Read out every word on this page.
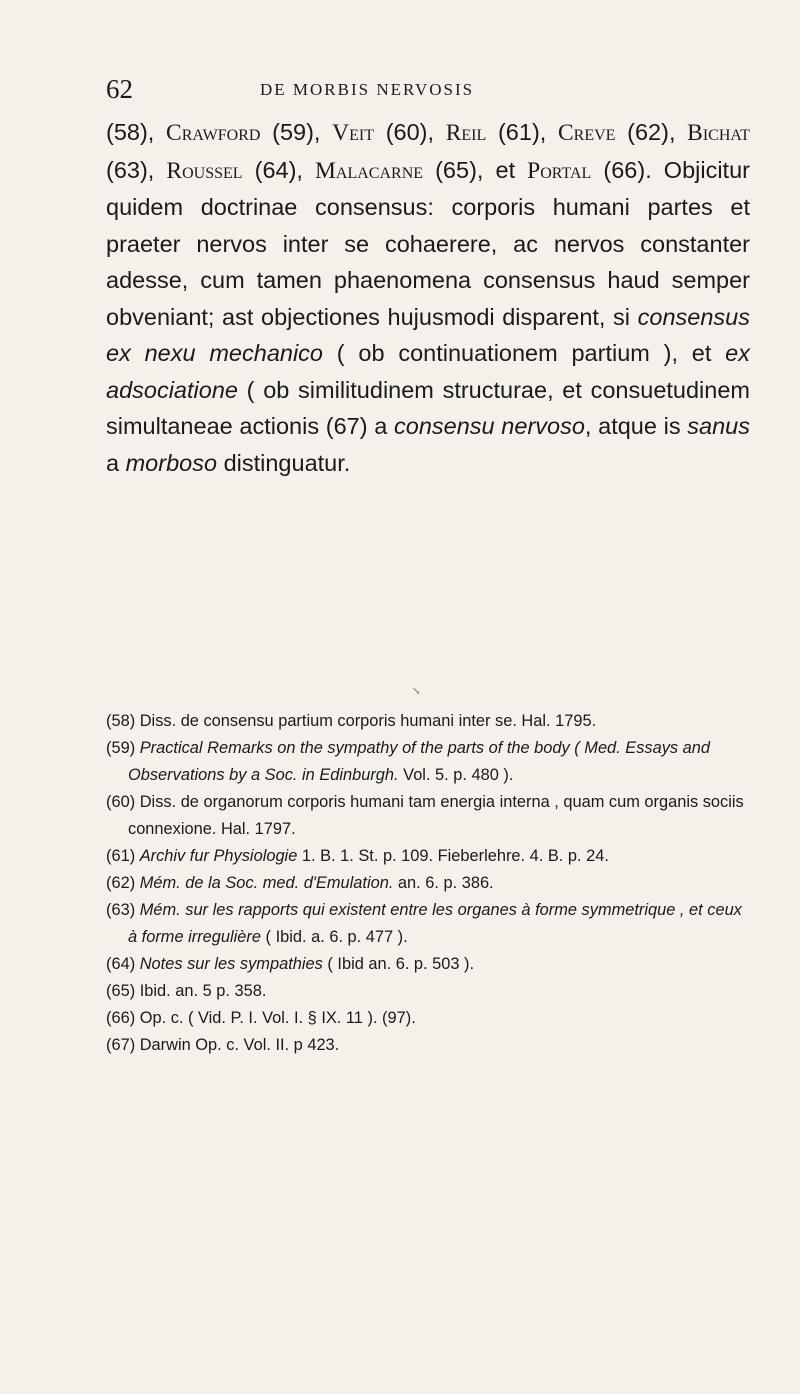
62	DE MORBIS NERVOSIS

(58), Crawford (59), Veit (60), Reil (61), Creve (62), Bichat (63), Roussel (64), Malacarne (65), et Portal (66). Objicitur quidem doctrinae consensus: corporis humani partes et praeter nervos inter se cohaerere, ac nervos constanter adesse, cum tamen phaenomena consensus haud semper obveniant; ast objectiones hujusmodi disparent, si consensus ex nexu mechanico ( ob continuationem partium ), et ex adsociatione ( ob similitudinem structurae, et consuetudinem simultaneae actionis (67) a consensu nervoso, atque is sanus a morboso distinguatur.

↘

(58) Diss. de consensu partium corporis humani inter se. Hal. 1795.

(59) Practical Remarks on the sympathy of the parts of the body ( Med. Essays and Observations by a Soc. in Edinburgh. Vol. 5. p. 480 ).

(60) Diss. de organorum corporis humani tam energia interna , quam cum organis sociis connexione. Hal. 1797.

(61) Archiv fur Physiologie 1. B. 1. St. p. 109. Fieberlehre. 4. B. p. 24.

(62) Mém. de la Soc. med. d'Emulation. an. 6. p. 386.

(63) Mém. sur les rapports qui existent entre les organes à forme symmetrique , et ceux à forme irregulière ( Ibid. a. 6. p. 477 ).

(64) Notes sur les sympathies ( Ibid an. 6. p. 503 ).

(65) Ibid. an. 5 p. 358.

(66) Op. c. ( Vid. P. I. Vol. I. § IX. 11 ). (97).

(67) Darwin Op. c. Vol. II. p 423.
